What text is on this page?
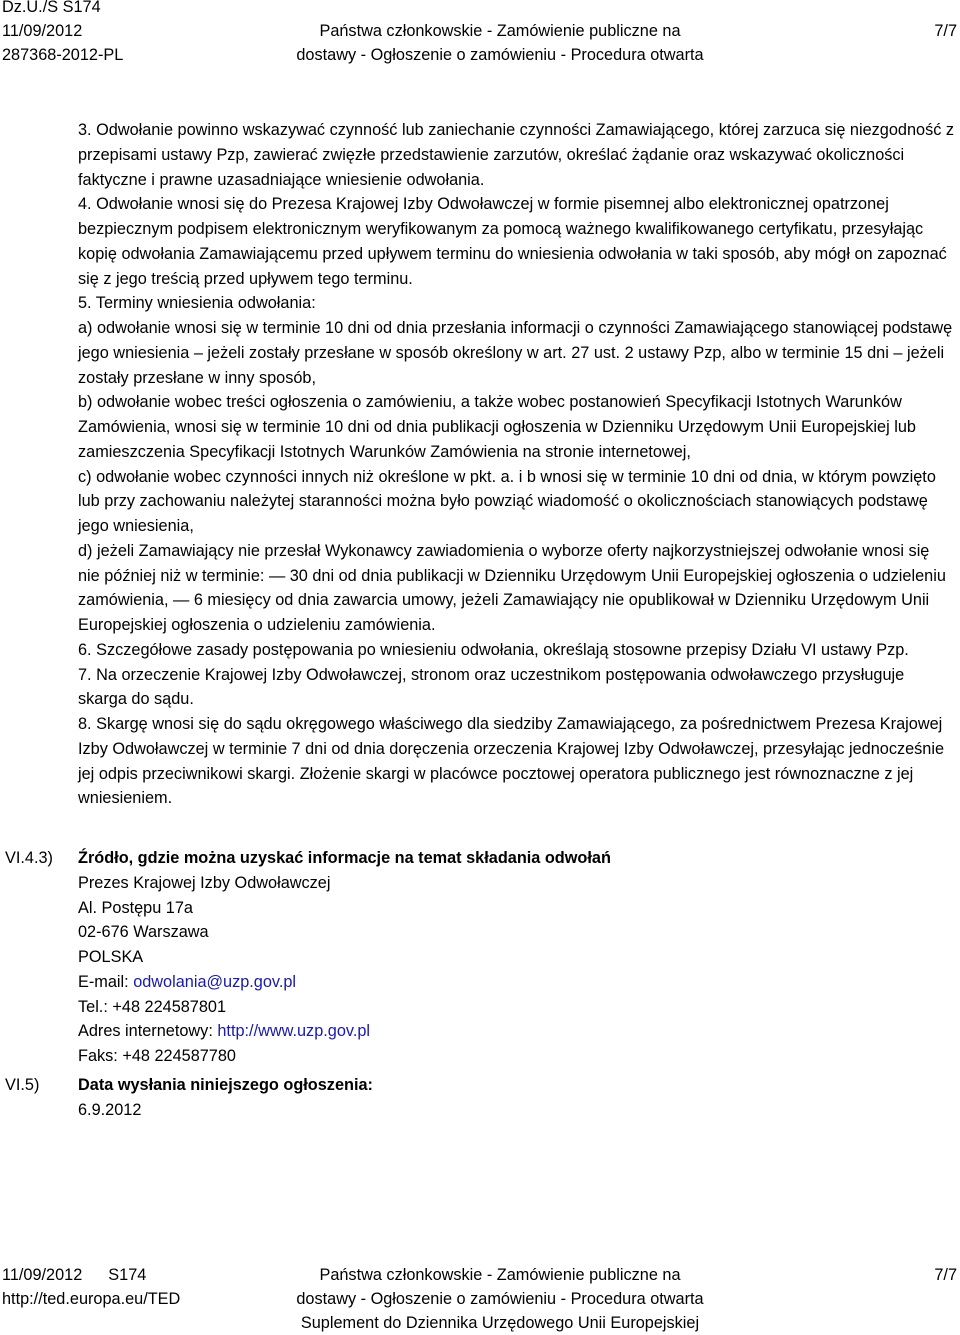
Dz.U./S S174
11/09/2012
287368-2012-PL
Państwa członkowskie - Zamówienie publiczne na
dostawy - Ogłoszenie o zamówieniu - Procedura otwarta
7/7

3. Odwołanie powinno wskazywać czynność lub zaniechanie czynności Zamawiającego, której zarzuca się niezgodność z przepisami ustawy Pzp, zawierać zwięzłe przedstawienie zarzutów, określać żądanie oraz wskazywać okoliczności faktyczne i prawne uzasadniające wniesienie odwołania.

4. Odwołanie wnosi się do Prezesa Krajowej Izby Odwoławczej w formie pisemnej albo elektronicznej opatrzonej bezpiecznym podpisem elektronicznym weryfikowanym za pomocą ważnego kwalifikowanego certyfikatu, przesyłając kopię odwołania Zamawiającemu przed upływem terminu do wniesienia odwołania w taki sposób, aby mógł on zapoznać się z jego treścią przed upływem tego terminu.

5. Terminy wniesienia odwołania:

a) odwołanie wnosi się w terminie 10 dni od dnia przesłania informacji o czynności Zamawiającego stanowiącej podstawę jego wniesienia – jeżeli zostały przesłane w sposób określony w art. 27 ust. 2 ustawy Pzp, albo w terminie 15 dni – jeżeli zostały przesłane w inny sposób,

b) odwołanie wobec treści ogłoszenia o zamówieniu, a także wobec postanowień Specyfikacji Istotnych Warunków Zamówienia, wnosi się w terminie 10 dni od dnia publikacji ogłoszenia w Dzienniku Urzędowym Unii Europejskiej lub zamieszczenia Specyfikacji Istotnych Warunków Zamówienia na stronie internetowej,

c) odwołanie wobec czynności innych niż określone w pkt. a. i b wnosi się w terminie 10 dni od dnia, w którym powzięto lub przy zachowaniu należytej staranności można było powziąć wiadomość o okolicznościach stanowiących podstawę jego wniesienia,

d) jeżeli Zamawiający nie przesłał Wykonawcy zawiadomienia o wyborze oferty najkorzystniejszej odwołanie wnosi się nie później niż w terminie: — 30 dni od dnia publikacji w Dzienniku Urzędowym Unii Europejskiej ogłoszenia o udzieleniu zamówienia, — 6 miesięcy od dnia zawarcia umowy, jeżeli Zamawiający nie opublikował w Dzienniku Urzędowym Unii Europejskiej ogłoszenia o udzieleniu zamówienia.

6. Szczegółowe zasady postępowania po wniesieniu odwołania, określają stosowne przepisy Działu VI ustawy Pzp.

7. Na orzeczenie Krajowej Izby Odwoławczej, stronom oraz uczestnikom postępowania odwoławczego przysługuje skarga do sądu.

8. Skargę wnosi się do sądu okręgowego właściwego dla siedziby Zamawiającego, za pośrednictwem Prezesa Krajowej Izby Odwoławczej w terminie 7 dni od dnia doręczenia orzeczenia Krajowej Izby Odwoławczej, przesyłając jednocześnie jej odpis przeciwnikowi skargi. Złożenie skargi w placówce pocztowej operatora publicznego jest równoznaczne z jej wniesieniem.

VI.4.3) Źródło, gdzie można uzyskać informacje na temat składania odwołań
Prezes Krajowej Izby Odwoławczej
Al. Postępu 17a
02-676 Warszawa
POLSKA
E-mail: odwolania@uzp.gov.pl
Tel.: +48 224587801
Adres internetowy: http://www.uzp.gov.pl
Faks: +48 224587780
VI.5) Data wysłania niniejszego ogłoszenia:
6.9.2012
11/09/2012 S174
http://ted.europa.eu/TED
Państwa członkowskie - Zamówienie publiczne na
dostawy - Ogłoszenie o zamówieniu - Procedura otwarta
Suplement do Dziennika Urzędowego Unii Europejskiej
7/7
